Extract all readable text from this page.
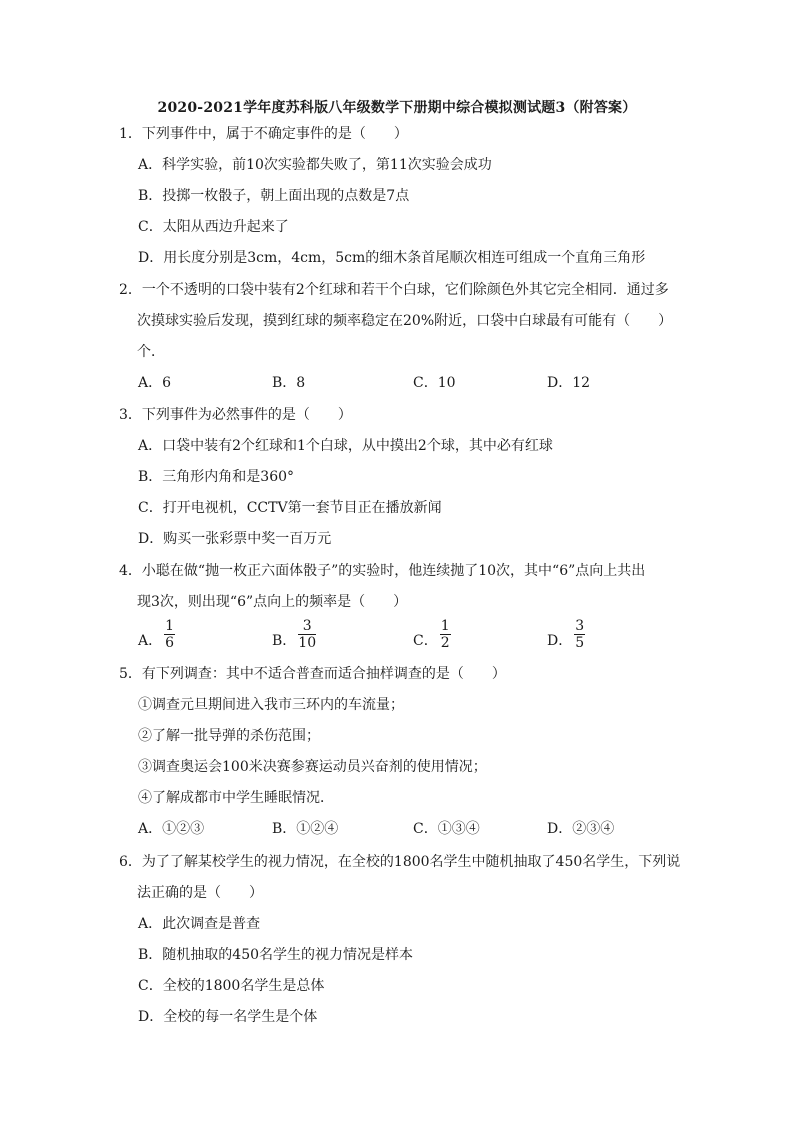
2020-2021学年度苏科版八年级数学下册期中综合模拟测试题3（附答案）
1．下列事件中，属于不确定事件的是（　　）
A．科学实验，前10次实验都失败了，第11次实验会成功
B．投掷一枚骰子，朝上面出现的点数是7点
C．太阳从西边升起来了
D．用长度分别是3cm，4cm，5cm的细木条首尾顺次相连可组成一个直角三角形
2．一个不透明的口袋中装有2个红球和若干个白球，它们除颜色外其它完全相同．通过多
次摸球实验后发现，摸到红球的频率稳定在20%附近，口袋中白球最有可能有（　　）
个．
A．6	B．8	C．10	D．12
3．下列事件为必然事件的是（　　）
A．口袋中装有2个红球和1个白球，从中摸出2个球，其中必有红球
B．三角形内角和是360°
C．打开电视机，CCTV第一套节目正在播放新闻
D．购买一张彩票中奖一百万元
4．小聪在做“抛一枚正六面体骰子”的实验时，他连续抛了10次，其中“6”点向上共出
现3次，则出现“6”点向上的频率是（　　）
A． $\frac{1}{6}$	B． $\frac{3}{10}$	C． $\frac{1}{2}$	D． $\frac{3}{5}$
5．有下列调查：其中不适合普查而适合抽样调查的是（　　）
①调查元旦期间进入我市三环内的车流量；
②了解一批导弹的杀伤范围；
③调查奥运会100米决赛参赛运动员兴奋剂的使用情况；
④了解成都市中学生睡眠情况．
A．①②③	B．①②④	C．①③④	D．②③④
6．为了了解某校学生的视力情况，在全校的1800名学生中随机抽取了450名学生，下列说
法正确的是（　　）
A．此次调查是普查
B．随机抽取的450名学生的视力情况是样本
C．全校的1800名学生是总体
D．全校的每一名学生是个体
